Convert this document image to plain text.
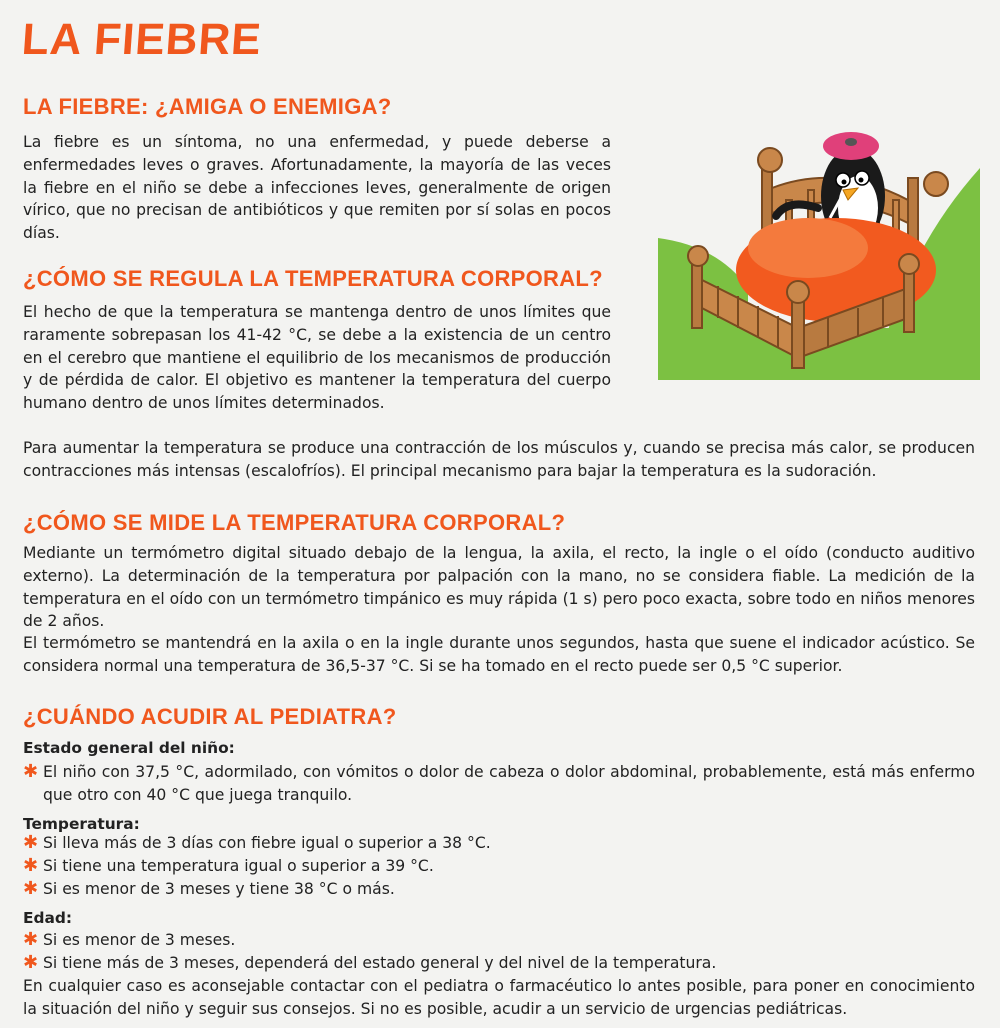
LA FIEBRE
LA FIEBRE: ¿AMIGA O ENEMIGA?

La fiebre es un síntoma, no una enfermedad, y puede deberse a enfermedades leves o graves. Afortunadamente, la mayoría de las veces la fiebre en el niño se debe a infecciones leves, generalmente de origen vírico, que no precisan de antibióticos y que remiten por sí solas en pocos días.

¿CÓMO SE REGULA LA TEMPERATURA CORPORAL?

El hecho de que la temperatura se mantenga dentro de unos límites que raramente sobrepasan los 41-42 °C, se debe a la existencia de un centro en el cerebro que mantiene el equilibrio de los mecanismos de producción y de pérdida de calor. El objetivo es mantener la temperatura del cuerpo humano dentro de unos límites determinados.

Para aumentar la temperatura se produce una contracción de los músculos y, cuando se precisa más calor, se producen contracciones más intensas (escalofríos). El principal mecanismo para bajar la temperatura es la sudoración.

¿CÓMO SE MIDE LA TEMPERATURA CORPORAL?

Mediante un termómetro digital situado debajo de la lengua, la axila, el recto, la ingle o el oído (conducto auditivo externo). La determinación de la temperatura por palpación con la mano, no se considera fiable. La medición de la temperatura en el oído con un termómetro timpánico es muy rápida (1 s) pero poco exacta, sobre todo en niños menores de 2 años.

El termómetro se mantendrá en la axila o en la ingle durante unos segundos, hasta que suene el indicador acústico. Se considera normal una temperatura de 36,5-37 °C. Si se ha tomado en el recto puede ser 0,5 °C superior.

¿CUÁNDO ACUDIR AL PEDIATRA?

Estado general del niño:

✱ El niño con 37,5 °C, adormilado, con vómitos o dolor de cabeza o dolor abdominal, probablemente, está más enfermo que otro con 40 °C que juega tranquilo.

Temperatura:

✱ Si lleva más de 3 días con fiebre igual o superior a 38 °C.
✱ Si tiene una temperatura igual o superior a 39 °C.
✱ Si es menor de 3 meses y tiene 38 °C o más.

Edad:

✱ Si es menor de 3 meses.
✱ Si tiene más de 3 meses, dependerá del estado general y del nivel de la temperatura.

En cualquier caso es aconsejable contactar con el pediatra o farmacéutico lo antes posible, para poner en conocimiento la situación del niño y seguir sus consejos. Si no es posible, acudir a un servicio de urgencias pediátricas.
